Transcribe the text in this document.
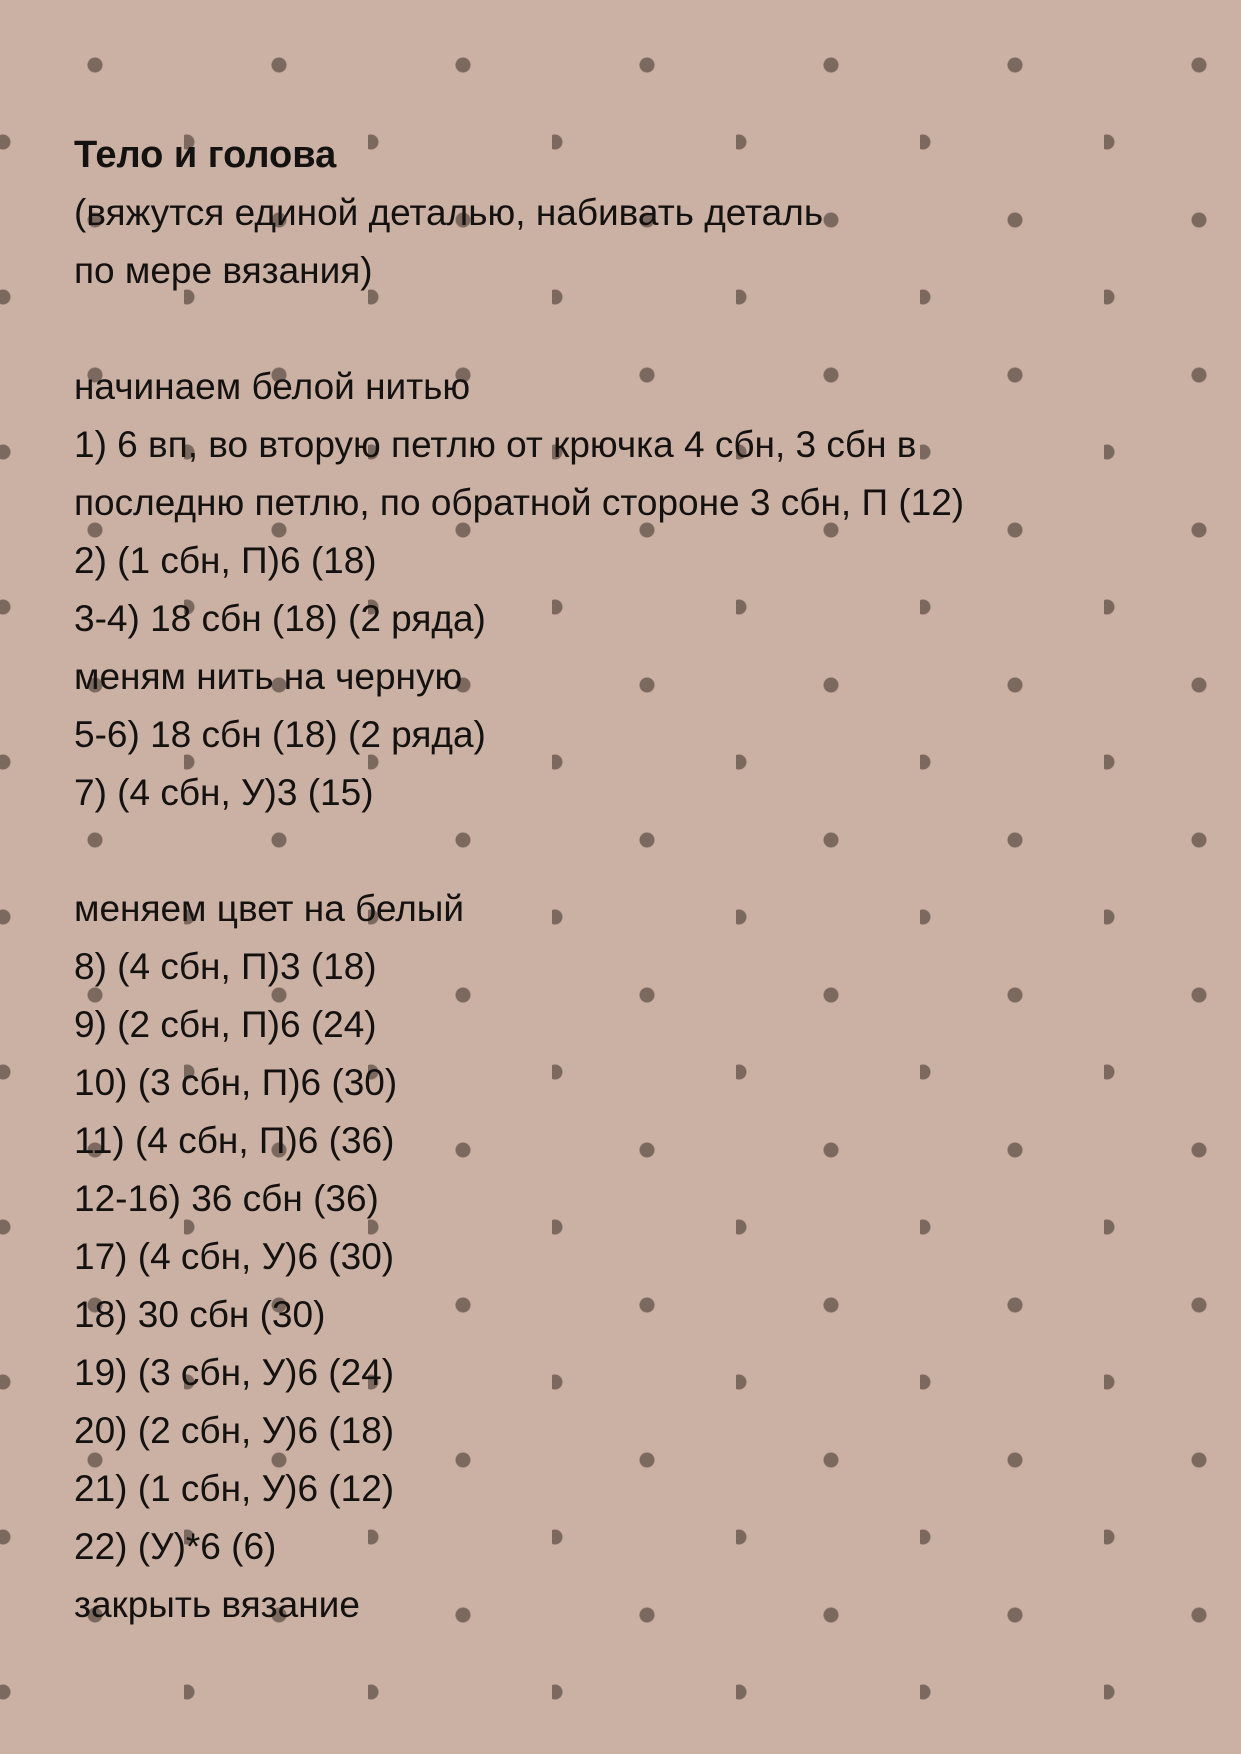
Тело и голова

(вяжутся единой деталью, набивать деталь

по мере вязания)

начинаем белой нитью

1) 6 вп, во вторую петлю от крючка 4 сбн, 3 сбн в

последню петлю, по обратной стороне 3 сбн, П (12)

2) (1 сбн, П)6 (18)

3-4) 18 сбн (18) (2 ряда)

меням нить на черную

5-6) 18 сбн (18) (2 ряда)

7) (4 сбн, У)3 (15)

меняем цвет на белый

8) (4 сбн, П)3 (18)

9) (2 сбн, П)6 (24)

10) (3 сбн, П)6 (30)

11) (4 сбн, П)6 (36)

12-16) 36 сбн (36)

17) (4 сбн, У)6 (30)

18) 30 сбн (30)

19) (3 сбн, У)6 (24)

20) (2 сбн, У)6 (18)

21) (1 сбн, У)6 (12)

22) (У)*6 (6)

закрыть вязание
